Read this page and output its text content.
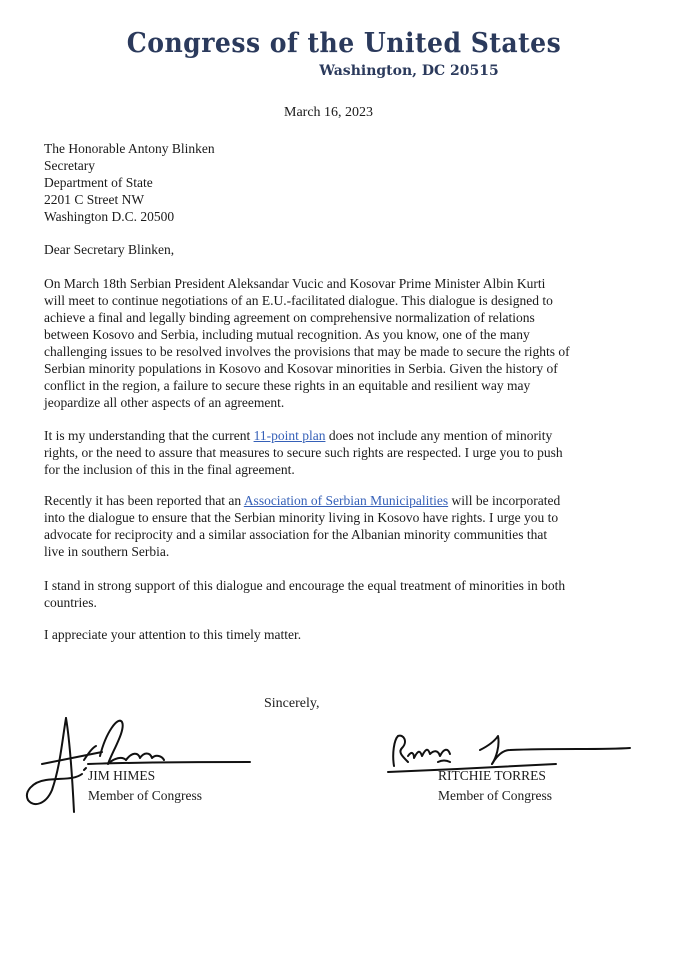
Congress of the United States
Washington, DC 20515
March 16, 2023
The Honorable Antony Blinken
Secretary
Department of State
2201 C Street NW
Washington D.C. 20500
Dear Secretary Blinken,
On March 18th Serbian President Aleksandar Vucic and Kosovar Prime Minister Albin Kurti
will meet to continue negotiations of an E.U.-facilitated dialogue. This dialogue is designed to
achieve a final and legally binding agreement on comprehensive normalization of relations
between Kosovo and Serbia, including mutual recognition. As you know, one of the many
challenging issues to be resolved involves the provisions that may be made to secure the rights of
Serbian minority populations in Kosovo and Kosovar minorities in Serbia. Given the history of
conflict in the region, a failure to secure these rights in an equitable and resilient way may
jeopardize all other aspects of an agreement.
It is my understanding that the current 11-point plan does not include any mention of minority
rights, or the need to assure that measures to secure such rights are respected. I urge you to push
for the inclusion of this in the final agreement.
Recently it has been reported that an Association of Serbian Municipalities will be incorporated
into the dialogue to ensure that the Serbian minority living in Kosovo have rights. I urge you to
advocate for reciprocity and a similar association for the Albanian minority communities that
live in southern Serbia.
I stand in strong support of this dialogue and encourage the equal treatment of minorities in both
countries.
I appreciate your attention to this timely matter.
Sincerely,
JIM HIMES
Member of Congress
RITCHIE TORRES
Member of Congress
